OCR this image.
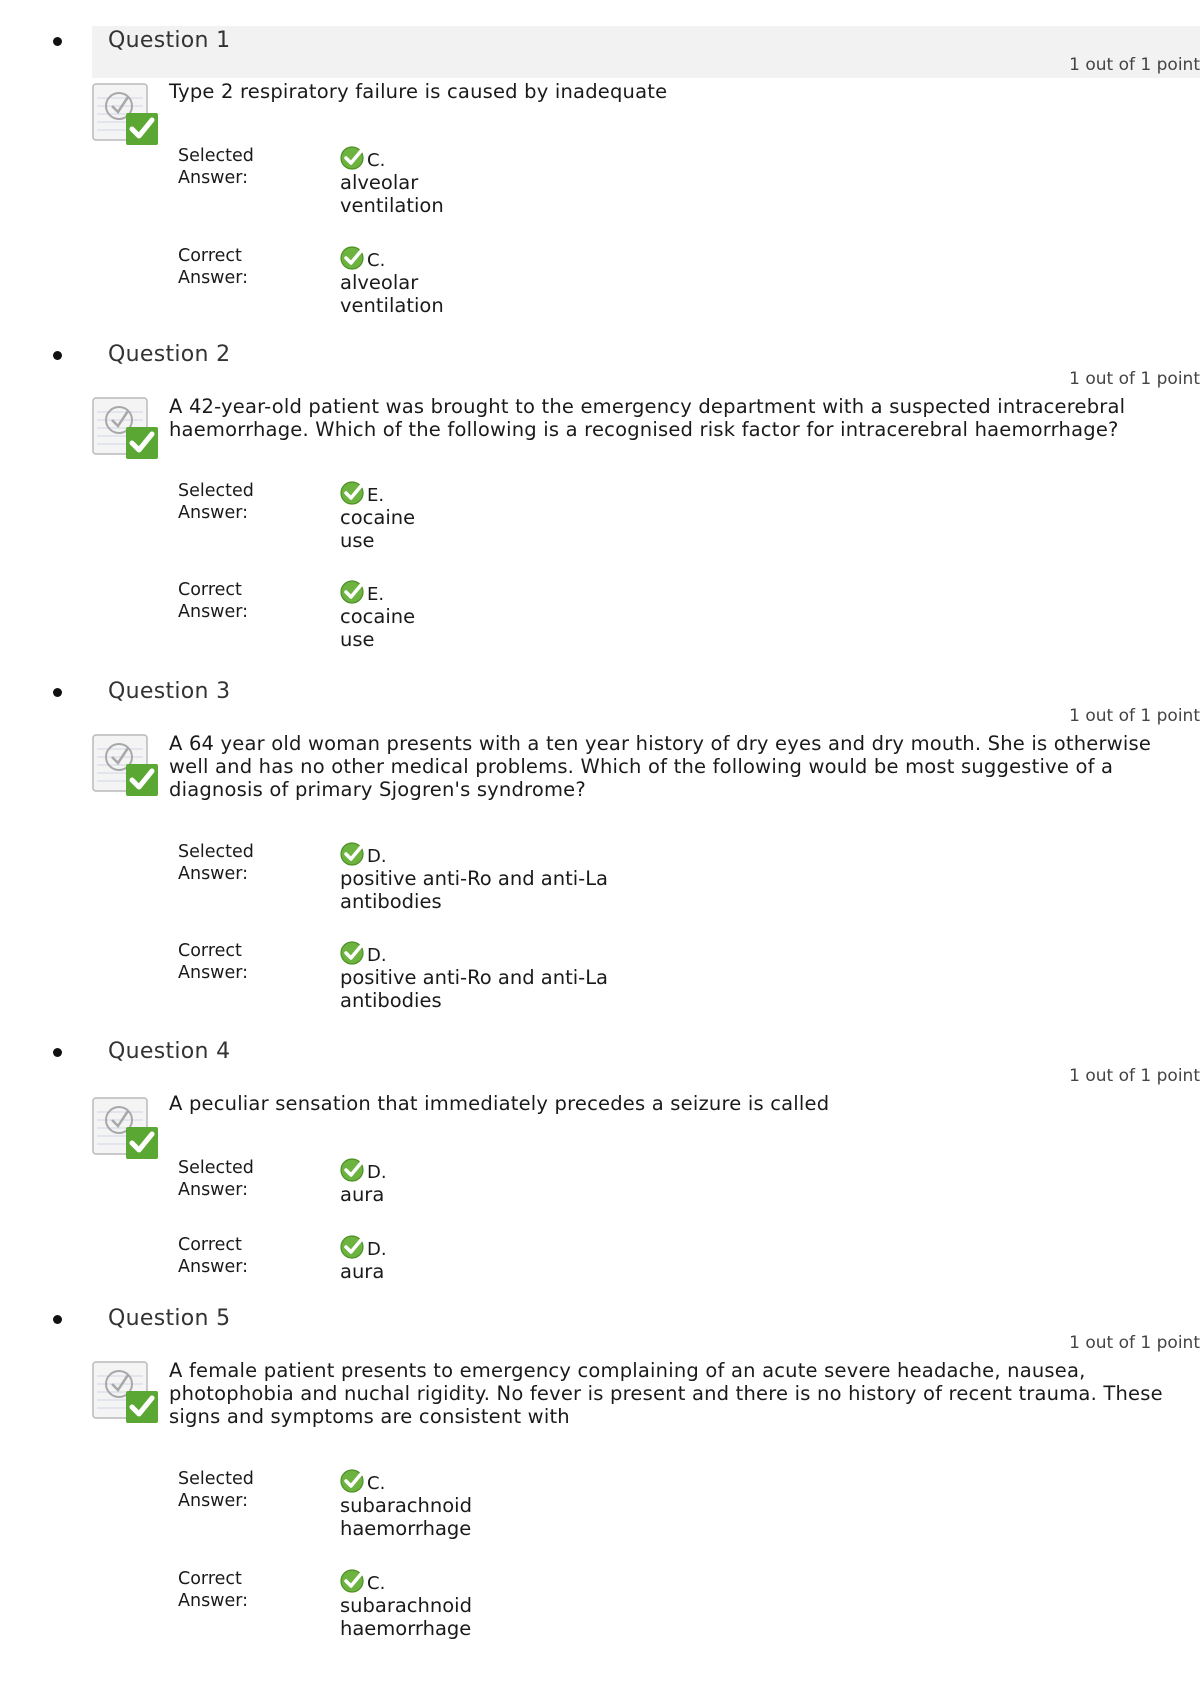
Question 1
1 out of 1 point

Type 2 respiratory failure is caused by inadequate

Selected
Answer:
C.
alveolar ventilation
Correct
Answer:
C.
alveolar ventilation
Question 2
1 out of 1 point

A 42-year-old patient was brought to the emergency department with a suspected intracerebral haemorrhage. Which of the following is a recognised risk factor for intracerebral haemorrhage?

Selected
Answer:
E.
cocaine use
Correct
Answer:
E.
cocaine use
Question 3
1 out of 1 point

A 64 year old woman presents with a ten year history of dry eyes and dry mouth. She is otherwise well and has no other medical problems. Which of the following would be most suggestive of a diagnosis of primary Sjogren's syndrome?

Selected
Answer:
D.
positive anti-Ro and anti-La antibodies
Correct
Answer:
D.
positive anti-Ro and anti-La antibodies
Question 4
1 out of 1 point

A peculiar sensation that immediately precedes a seizure is called

Selected
Answer:
D.
aura
Correct
Answer:
D.
aura
Question 5
1 out of 1 point

A female patient presents to emergency complaining of an acute severe headache, nausea, photophobia and nuchal rigidity. No fever is present and there is no history of recent trauma. These signs and symptoms are consistent with

Selected
Answer:
C.
subarachnoid haemorrhage
Correct
Answer:
C.
subarachnoid haemorrhage
